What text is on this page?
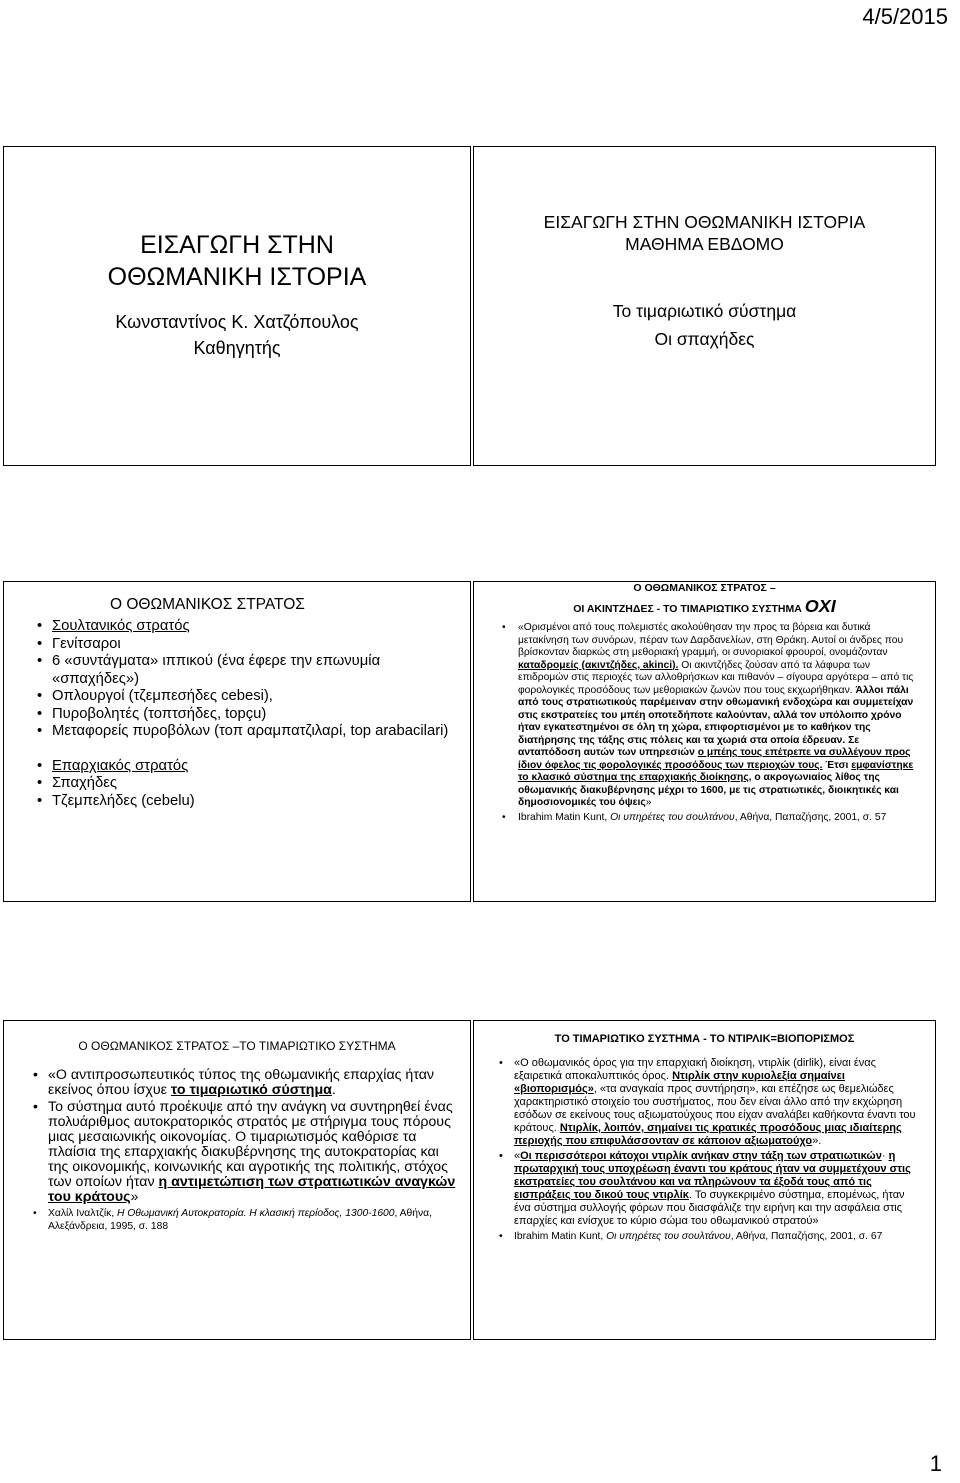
4/5/2015
ΕΙΣΑΓΩΓΗ ΣΤΗΝ
ΟΘΩΜΑΝΙΚΗ ΙΣΤΟΡΙΑ
Κωνσταντίνος Κ. Χατζόπουλος
Καθηγητής
ΕΙΣΑΓΩΓΗ ΣΤΗΝ ΟΘΩΜΑΝΙΚΗ ΙΣΤΟΡΙΑ
ΜΑΘΗΜΑ ΕΒΔΟΜΟ
Το τιμαριωτικό σύστημα
Οι σπαχήδες
Ο ΟΘΩΜΑΝΙΚΟΣ ΣΤΡΑΤΟΣ
• Σουλτανικός στρατός
• Γενίτσαροι
• 6 «συντάγματα» ιππικού (ένα έφερε την επωνυμία «σπαχήδες»)
• Οπλουργοί (τζεμπεσήδες cebesi),
• Πυροβολητές (τοπτσήδες, topçu)
• Μεταφορείς πυροβόλων (τοπ αραμπατζιλαρί, top arabacilari)
• Επαρχιακός στρατός
• Σπαχήδες
• Τζεμπελήδες (cebelu)
Ο ΟΘΩΜΑΝΙΚΟΣ ΣΤΡΑΤΟΣ –
ΟΙ ΑΚΙΝΤΖΗΔΕΣ - ΤΟ ΤΙΜΑΡΙΩΤΙΚΟ ΣΥΣΤΗΜΑ ΟΧΙ
• «Ορισμένοι από τους πολεμιστές ακολούθησαν την προς τα βόρεια και δυτικά μετακίνηση των συνόρων, πέραν των Δαρδανελίων, στη Θράκη. Αυτοί οι άνδρες που βρίσκονταν διαρκώς στη μεθοριακή γραμμή, οι συνοριακοί φρουροί, ονομάζονταν καταδρομείς (ακιντζήδες, akinci). Οι ακιντζήδες ζούσαν από τα λάφυρα των επιδρομών στις περιοχές των αλλοθρήσκων και πιθανόν – σίγουρα αργότερα – από τις φορολογικές προσόδους των μεθοριακών ζωνών που τους εκχωρήθηκαν. Άλλοι πάλι από τους στρατιωτικούς παρέμειναν στην οθωμανική ενδοχώρα και συμμετείχαν στις εκστρατείες του μπέη οποτεδήποτε καλούνταν, αλλά τον υπόλοιπο χρόνο ήταν εγκατεστημένοι σε όλη τη χώρα, επιφορτισμένοι με το καθήκον της διατήρησης της τάξης στις πόλεις και τα χωριά στα οποία έδρευαν. Σε ανταπόδοση αυτών των υπηρεσιών ο μπέης τους επέτρεπε να συλλέγουν προς ίδιον όφελος τις φορολογικές προσόδους των περιοχών τους. Έτσι εμφανίστηκε το κλασικό σύστημα της επαρχιακής διοίκησης, ο ακρογωνιαίος λίθος της οθωμανικής διακυβέρνησης μέχρι το 1600, με τις στρατιωτικές, διοικητικές και δημοσιονομικές του όψεις»
• Ibrahim Matin Kunt, Οι υπηρέτες του σουλτάνου, Αθήνα, Παπαζήσης, 2001, σ. 57
Ο ΟΘΩΜΑΝΙΚΟΣ ΣΤΡΑΤΟΣ –ΤΟ ΤΙΜΑΡΙΩΤΙΚΟ ΣΥΣΤΗΜΑ
• «Ο αντιπροσωπευτικός τύπος της οθωμανικής επαρχίας ήταν εκείνος όπου ίσχυε το τιμαριωτικό σύστημα.
• Το σύστημα αυτό προέκυψε από την ανάγκη να συντηρηθεί ένας πολυάριθμος αυτοκρατορικός στρατός με στήριγμα τους πόρους μιας μεσαιωνικής οικονομίας. Ο τιμαριωτισμός καθόρισε τα πλαίσια της επαρχιακής διακυβέρνησης της αυτοκρατορίας και της οικονομικής, κοινωνικής και αγροτικής της πολιτικής, στόχος των οποίων ήταν η αντιμετώπιση των στρατιωτικών αναγκών του κράτους»
• Χαλίλ Ιναλτζίκ, Η Οθωμανική Αυτοκρατορία. Η κλασική περίοδος, 1300-1600, Αθήνα, Αλεξάνδρεια, 1995, σ. 188
ΤΟ ΤΙΜΑΡΙΩΤΙΚΟ ΣΥΣΤΗΜΑ - ΤΟ ΝΤΙΡΛΙΚ=ΒΙΟΠΟΡΙΣΜΟΣ
• «Ο οθωμανικός όρος για την επαρχιακή διοίκηση, ντιρλίκ (dirlik), είναι ένας εξαιρετικά αποκαλυπτικός όρος. Ντιρλίκ στην κυριολεξία σημαίνει «βιοπορισμός», «τα αναγκαία προς συντήρηση», και επέζησε ως θεμελιώδες χαρακτηριστικό στοιχείο του συστήματος, που δεν είναι άλλο από την εκχώρηση εσόδων σε εκείνους τους αξιωματούχους που είχαν αναλάβει καθήκοντα έναντι του κράτους. Ντιρλίκ, λοιπόν, σημαίνει τις κρατικές προσόδους μιας ιδιαίτερης περιοχής που επιφυλάσσονταν σε κάποιον αξιωματούχο».
• «Οι περισσότεροι κάτοχοι ντιρλίκ ανήκαν στην τάξη των στρατιωτικών· η πρωταρχική τους υποχρέωση έναντι του κράτους ήταν να συμμετέχουν στις εκστρατείες του σουλτάνου και να πληρώνουν τα έξοδά τους από τις εισπράξεις του δικού τους ντιρλίκ. Το συγκεκριμένο σύστημα, επομένως, ήταν ένα σύστημα συλλογής φόρων που διασφάλιζε την ειρήνη και την ασφάλεια στις επαρχίες και ενίσχυε το κύριο σώμα του οθωμανικού στρατού»
• Ibrahim Matin Kunt, Οι υπηρέτες του σουλτάνου, Αθήνα, Παπαζήσης, 2001, σ. 67
1
